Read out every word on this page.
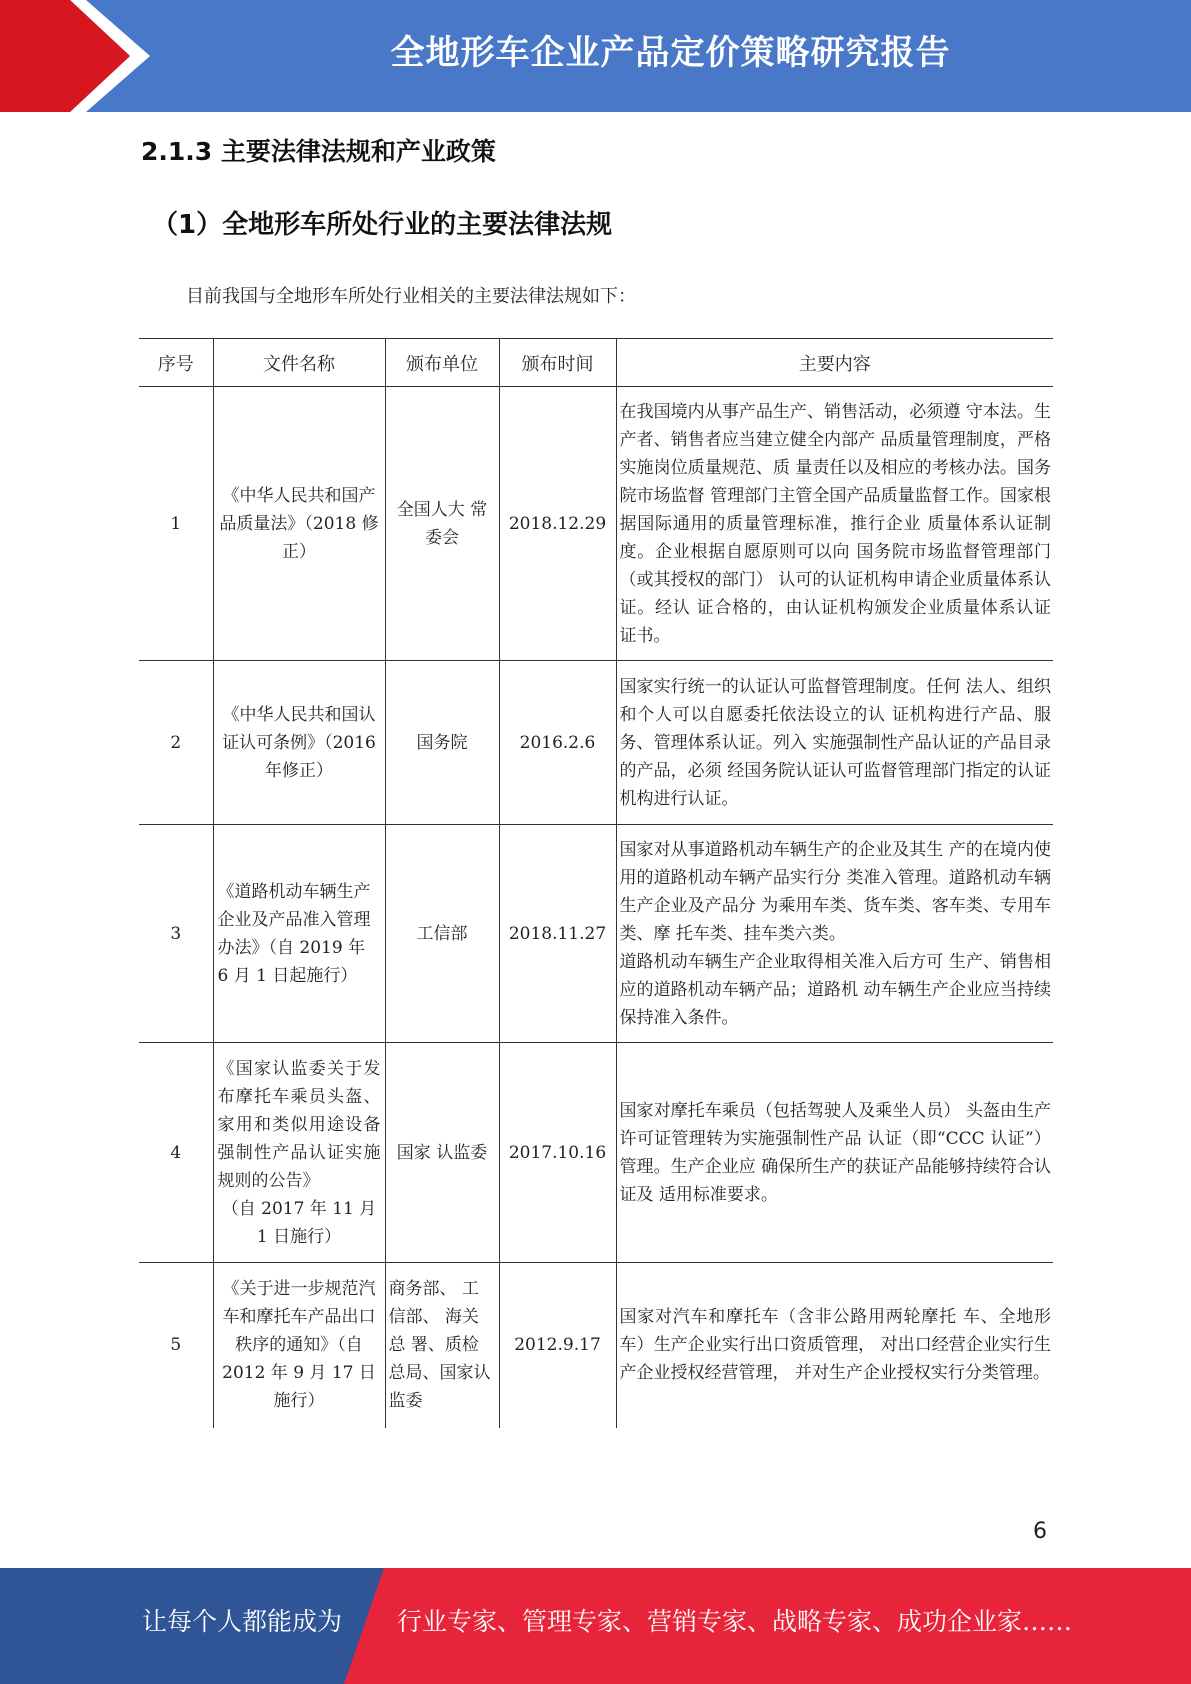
全地形车企业产品定价策略研究报告
2.1.3 主要法律法规和产业政策
（1）全地形车所处行业的主要法律法规
目前我国与全地形车所处行业相关的主要法律法规如下：
序号	文件名称	颁布单位	颁布时间	主要内容
1	《中华人民共和国产品质量法》（2018 修正）	全国人大 常委会	2018.12.29	在我国境内从事产品生产、销售活动，必须遵 守本法。生产者、销售者应当建立健全内部产 品质量管理制度，严格实施岗位质量规范、质 量责任以及相应的考核办法。国务院市场监督 管理部门主管全国产品质量监督工作。国家根据国际通用的质量管理标准，推行企业 质量体系认证制度。企业根据自愿原则可以向 国务院市场监督管理部门（或其授权的部门） 认可的认证机构申请企业质量体系认证。经认 证合格的，由认证机构颁发企业质量体系认证 证书。
2	《中华人民共和国认证认可条例》（2016 年修正）	国务院	2016.2.6	国家实行统一的认证认可监督管理制度。任何 法人、组织和个人可以自愿委托依法设立的认 证机构进行产品、服务、管理体系认证。列入 实施强制性产品认证的产品目录的产品，必须 经国务院认证认可监督管理部门指定的认证 机构进行认证。
3	《道路机动车辆生产企业及产品准入管理办法》（自 2019 年 6 月 1 日起施行）	工信部	2018.11.27	国家对从事道路机动车辆生产的企业及其生 产的在境内使用的道路机动车辆产品实行分 类准入管理。道路机动车辆生产企业及产品分 为乘用车类、货车类、客车类、专用车类、摩 托车类、挂车类六类。
道路机动车辆生产企业取得相关准入后方可 生产、销售相应的道路机动车辆产品；道路机 动车辆生产企业应当持续保持准入条件。

4	《国家认监委关于发布摩托车乘员头盔、家用和类似用途设备强制性产品认证实施规则的公告》
（自 2017 年 11 月 1 日施行）	国家 认监委	2017.10.16	国家对摩托车乘员（包括驾驶人及乘坐人员） 头盔由生产许可证管理转为实施强制性产品 认证（即“CCC 认证”）管理。生产企业应 确保所生产的获证产品能够持续符合认证及 适用标准要求。
5	《关于进一步规范汽车和摩托车产品出口秩序的通知》（自 2012 年 9 月 17 日施行）	商务部、 工信部、 海关总 署、质检总局、国家认监委	2012.9.17	国家对汽车和摩托车（含非公路用两轮摩托 车、全地形车）生产企业实行出口资质管理， 对出口经营企业实行生产企业授权经营管理， 并对生产企业授权实行分类管理。
6
让每个人都能成为 行业专家、管理专家、营销专家、战略专家、成功企业家……
